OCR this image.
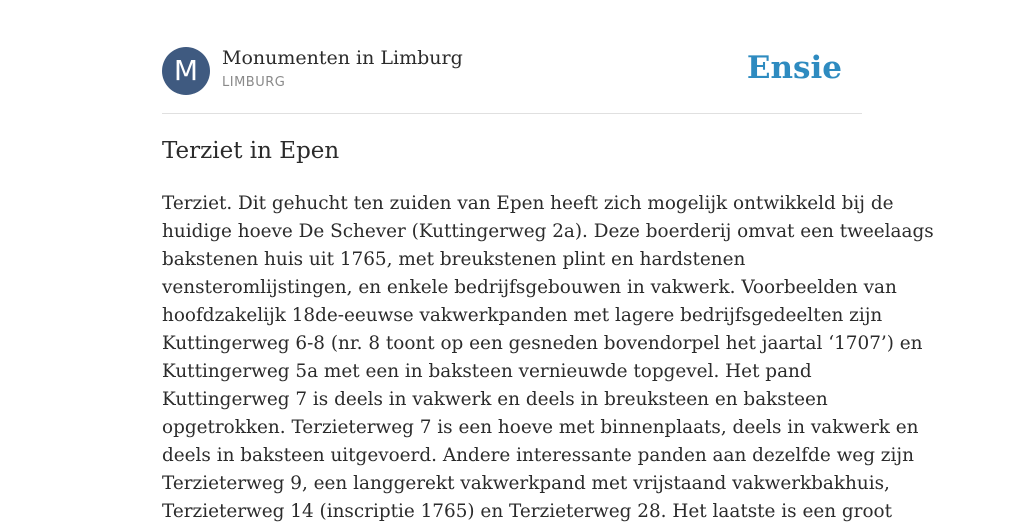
M	Monumenten in Limburg
LIMBURG	Ensie
Terziet in Epen

Terziet. Dit gehucht ten zuiden van Epen heeft zich mogelijk ontwikkeld bij de
huidige hoeve De Schever (Kuttingerweg 2a). Deze boerderij omvat een tweelaags
bakstenen huis uit 1765, met breukstenen plint en hardstenen
vensteromlijstingen, en enkele bedrijfsgebouwen in vakwerk. Voorbeelden van
hoofdzakelijk 18de-eeuwse vakwerkpanden met lagere bedrijfsgedeelten zijn
Kuttingerweg 6-8 (nr. 8 toont op een gesneden bovendorpel het jaartal ‘1707’) en
Kuttingerweg 5a met een in baksteen vernieuwde topgevel. Het pand
Kuttingerweg 7 is deels in vakwerk en deels in breuksteen en baksteen
opgetrokken. Terzieterweg 7 is een hoeve met binnenplaats, deels in vakwerk en
deels in baksteen uitgevoerd. Andere interessante panden aan dezelfde weg zijn
Terzieterweg 9, een langgerekt vakwerkpand met vrijstaand vakwerkbakhuis,
Terzieterweg 14 (inscriptie 1765) en Terzieterweg 28. Het laatste is een groot
